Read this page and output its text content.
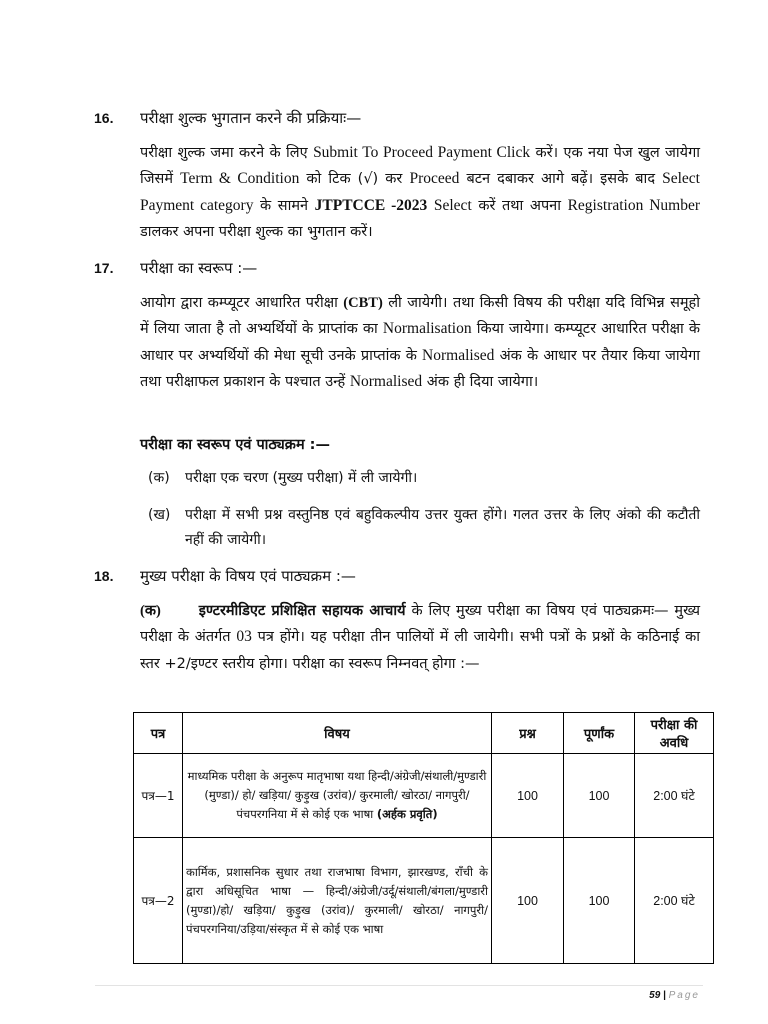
16.	परीक्षा शुल्क भुगतान करने की प्रक्रियाः—

परीक्षा शुल्क जमा करने के लिए Submit To Proceed Payment Click करें। एक नया पेज खुल जायेगा जिसमें Term & Condition को टिक (√) कर Proceed बटन दबाकर आगे बढ़ें। इसके बाद Select Payment category के सामने JTPTCCE -2023 Select करें तथा अपना Registration Number डालकर अपना परीक्षा शुल्क का भुगतान करें।

17.	परीक्षा का स्वरूप :—

आयोग द्वारा कम्प्यूटर आधारित परीक्षा (CBT) ली जायेगी। तथा किसी विषय की परीक्षा यदि विभिन्न समूहो में लिया जाता है तो अभ्यर्थियों के प्राप्तांक का Normalisation किया जायेगा। कम्प्यूटर आधारित परीक्षा के आधार पर अभ्यर्थियों की मेधा सूची उनके प्राप्तांक के Normalised अंक के आधार पर तैयार किया जायेगा तथा परीक्षाफल प्रकाशन के पश्चात उन्हें Normalised अंक ही दिया जायेगा।

परीक्षा का स्वरूप एवं पाठ्यक्रम :—
(क)	परीक्षा एक चरण (मुख्य परीक्षा) में ली जायेगी।
(ख)	परीक्षा में सभी प्रश्न वस्तुनिष्ठ एवं बहुविकल्पीय उत्तर युक्त होंगे। गलत उत्तर के लिए अंको की कटौती नहीं की जायेगी।
18.	मुख्य परीक्षा के विषय एवं पाठ्यक्रम :—

(क)	इण्टरमीडिएट प्रशिक्षित सहायक आचार्य के लिए मुख्य परीक्षा का विषय एवं पाठ्यक्रमः— मुख्य परीक्षा के अंतर्गत 03 पत्र होंगे। यह परीक्षा तीन पालियों में ली जायेगी। सभी पत्रों के प्रश्नों के कठिनाई का स्तर +2/इण्टर स्तरीय होगा। परीक्षा का स्वरूप निम्नवत् होगा :—

पत्र	विषय	प्रश्न	पूर्णांक	परीक्षा की अवधि
पत्र—1	माध्यमिक परीक्षा के अनुरूप मातृभाषा यथा हिन्दी/अंग्रेजी/संथाली/मुण्डारी (मुण्डा)/ हो/ खड़िया/ कुड़ुख (उरांव)/ कुरमाली/ खोरठा/ नागपुरी/पंचपरगनिया में से कोई एक भाषा (अर्हक प्रवृति)	100	100	2:00 घंटे
पत्र—2	कार्मिक, प्रशासनिक सुधार तथा राजभाषा विभाग, झारखण्ड, राँची के द्वारा अधिसूचित भाषा — हिन्दी/अंग्रेजी/उर्दू/संथाली/बंगला/मुण्डारी (मुण्डा)/हो/ खड़िया/ कुड़ुख (उरांव)/ कुरमाली/ खोरठा/ नागपुरी/पंचपरगनिया/उड़िया/संस्कृत में से कोई एक भाषा	100	100	2:00 घंटे
59 | Page
